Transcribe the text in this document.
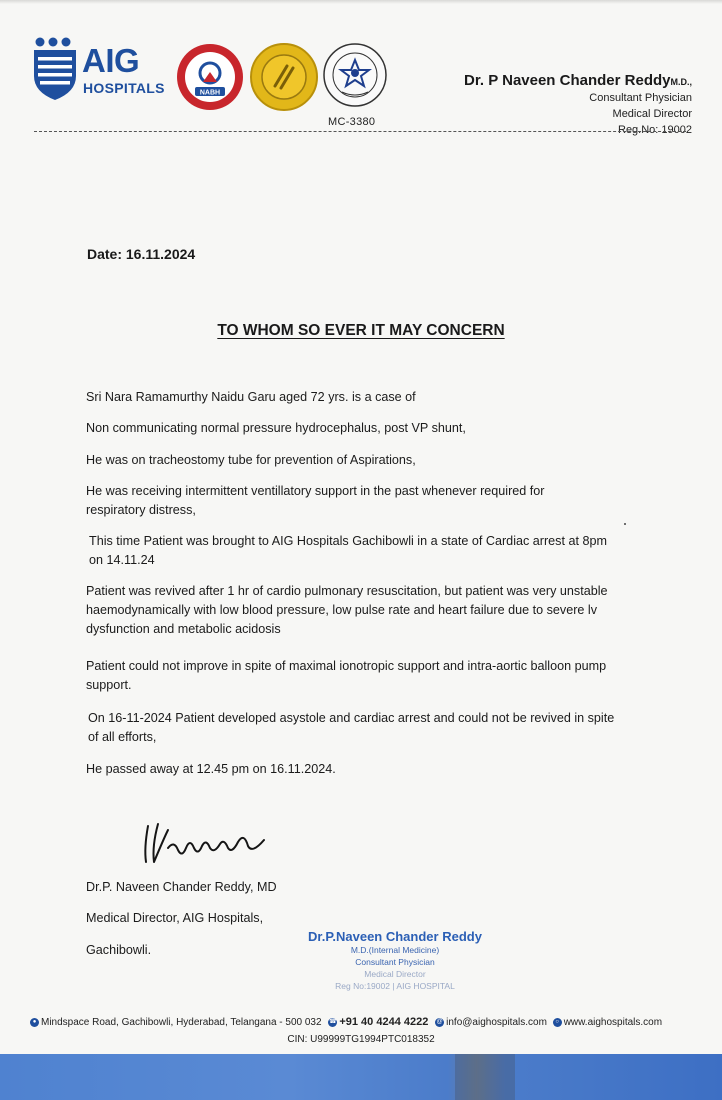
AIG
HOSPITALS	NABH
MC-3380
Dr. P Naveen Chander ReddyM.D.,
Consultant Physician
Medical Director
Reg.No: 19002
Date: 16.11.2024
TO WHOM SO EVER IT MAY CONCERN
Sri Nara Ramamurthy Naidu Garu aged 72 yrs. is a case of
Non communicating normal pressure hydrocephalus, post VP shunt,
He was on tracheostomy tube for prevention of Aspirations,
He was receiving intermittent ventillatory support in the past whenever required for respiratory distress,
This time Patient was brought to AIG Hospitals Gachibowli in a state of Cardiac arrest at 8pm on 14.11.24
Patient was revived after 1 hr of cardio pulmonary resuscitation, but patient was very unstable haemodynamically with low blood pressure, low pulse rate and heart failure due to severe lv dysfunction and metabolic acidosis
Patient could not improve in spite of maximal ionotropic support and intra-aortic balloon pump support.
On 16-11-2024 Patient developed asystole and cardiac arrest and could not be revived in spite of all efforts,
He passed away at 12.45 pm on 16.11.2024.
Dr.P. Naveen Chander Reddy, MD
Medical Director, AIG Hospitals,
Gachibowli.
Dr.P.Naveen Chander Reddy
M.D.(Internal Medicine)
Consultant Physician
Medical Director
Reg No:19002 | AIG HOSPITAL
● Mindspace Road, Gachibowli, Hyderabad, Telangana - 500 032 ☎ +91 40 4244 4222 @ info@aighospitals.com ○ www.aighospitals.com
CIN: U99999TG1994PTC018352
